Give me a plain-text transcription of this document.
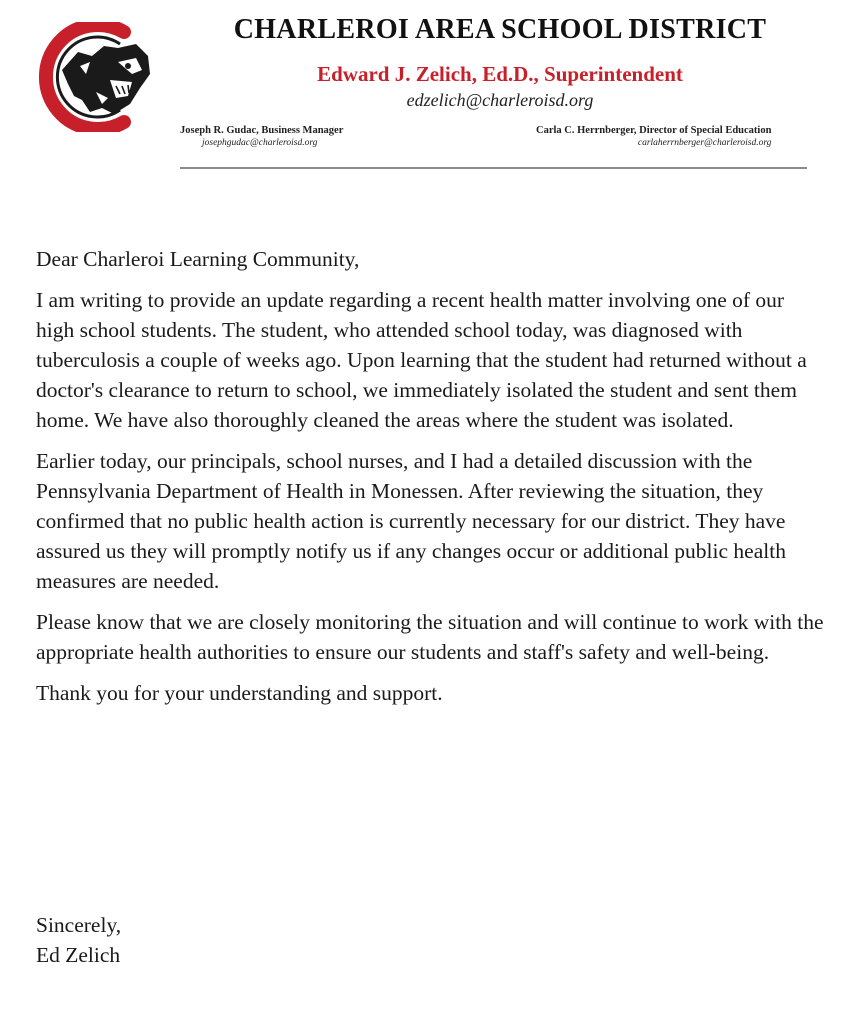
CHARLEROI AREA SCHOOL DISTRICT
Edward J. Zelich, Ed.D., Superintendent
edzelich@charleroisd.org
Joseph R. Gudac, Business Manager
josephgudac@charleroisd.org
Carla C. Herrnberger, Director of Special Education
carlaherrnberger@charleroisd.org

Dear Charleroi Learning Community,

I am writing to provide an update regarding a recent health matter involving one of our high school students. The student, who attended school today, was diagnosed with tuberculosis a couple of weeks ago. Upon learning that the student had returned without a doctor's clearance to return to school, we immediately isolated the student and sent them home. We have also thoroughly cleaned the areas where the student was isolated.

Earlier today, our principals, school nurses, and I had a detailed discussion with the Pennsylvania Department of Health in Monessen. After reviewing the situation, they confirmed that no public health action is currently necessary for our district. They have assured us they will promptly notify us if any changes occur or additional public health measures are needed.

Please know that we are closely monitoring the situation and will continue to work with the appropriate health authorities to ensure our students and staff's safety and well-being.

Thank you for your understanding and support.

Sincerely,
Ed Zelich
